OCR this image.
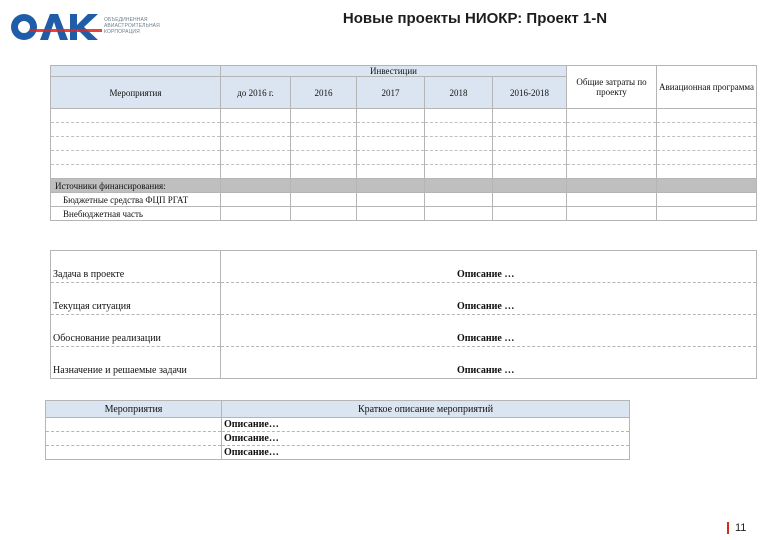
ОБЪЕДИНЕННАЯ
АВИАСТРОИТЕЛЬНАЯ
КОРПОРАЦИЯ
Новые проекты НИОКР: Проект 1-N
	Инвестиции					Общие затраты по проекту	Авиационная программа
Мероприятия	до 2016 г.	2016	2017	2018	2016-2018		

Источники финансирования:							
Бюджетные средства ФЦП РГАТ							
Внебюджетная часть							
Задача в проекте	Описание …
Текущая ситуация	Описание …
Обоснование реализации	Описание …
Назначение и решаемые задачи	Описание …
Мероприятия	Краткое описание мероприятий
	Описание…
	Описание…
	Описание…
11
